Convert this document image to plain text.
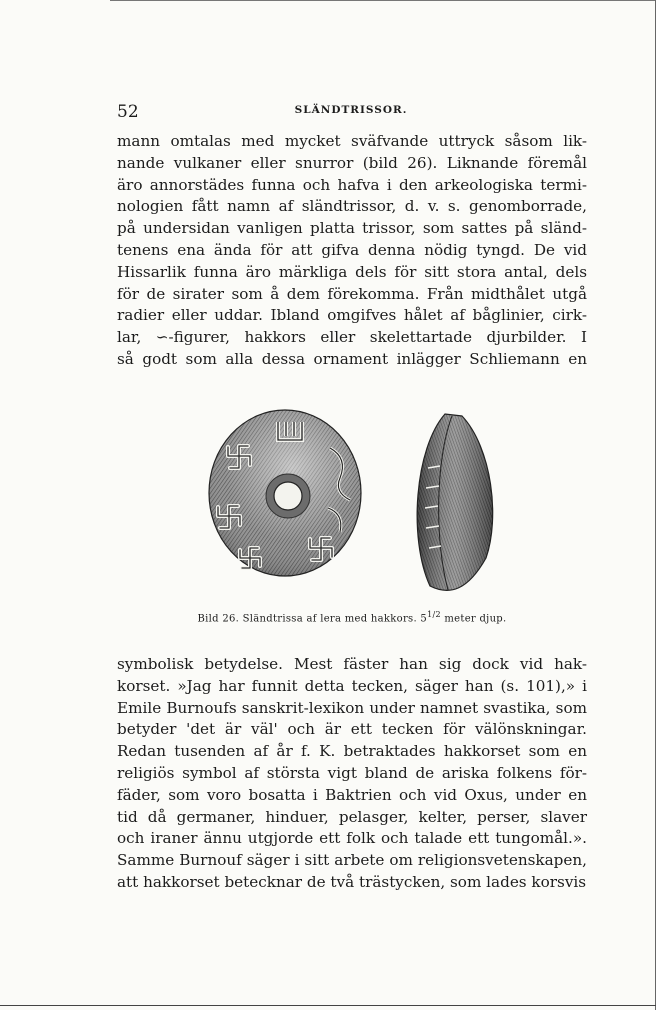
52	SLÄNDTRISSOR.
mann omtalas med mycket sväfvande uttryck såsom lik-
nande vulkaner eller snurror (bild 26). Liknande föremål
äro annorstädes funna och hafva i den arkeologiska termi-
nologien fått namn af sländtrissor, d. v. s. genomborrade,
på undersidan vanligen platta trissor, som sattes på sländ-
tenens ena ända för att gifva denna nödig tyngd. De vid
Hissarlik funna äro märkliga dels för sitt stora antal, dels
för de sirater som å dem förekomma. Från midthålet utgå
radier eller uddar. Ibland omgifves hålet af båglinier, cirk-
lar, ∽-figurer, hakkors eller skelettartade djurbilder. I
så godt som alla dessa ornament inlägger Schliemann en
Bild 26. Sländtrissa af lera med hakkors. $5^{1/2}$ meter djup.
symbolisk betydelse. Mest fäster han sig dock vid hak-
korset. »Jag har funnit detta tecken, säger han (s. 101),» i
Emile Burnoufs sanskrit-lexikon under namnet svastika, som
betyder 'det är väl' och är ett tecken för välönskningar.
Redan tusenden af år f. K. betraktades hakkorset som en
religiös symbol af största vigt bland de ariska folkens för-
fäder, som voro bosatta i Baktrien och vid Oxus, under en
tid då germaner, hinduer, pelasger, kelter, perser, slaver
och iraner ännu utgjorde ett folk och talade ett tungomål.».
Samme Burnouf säger i sitt arbete om religionsvetenskapen,
att hakkorset betecknar de två trästycken, som lades korsvis
